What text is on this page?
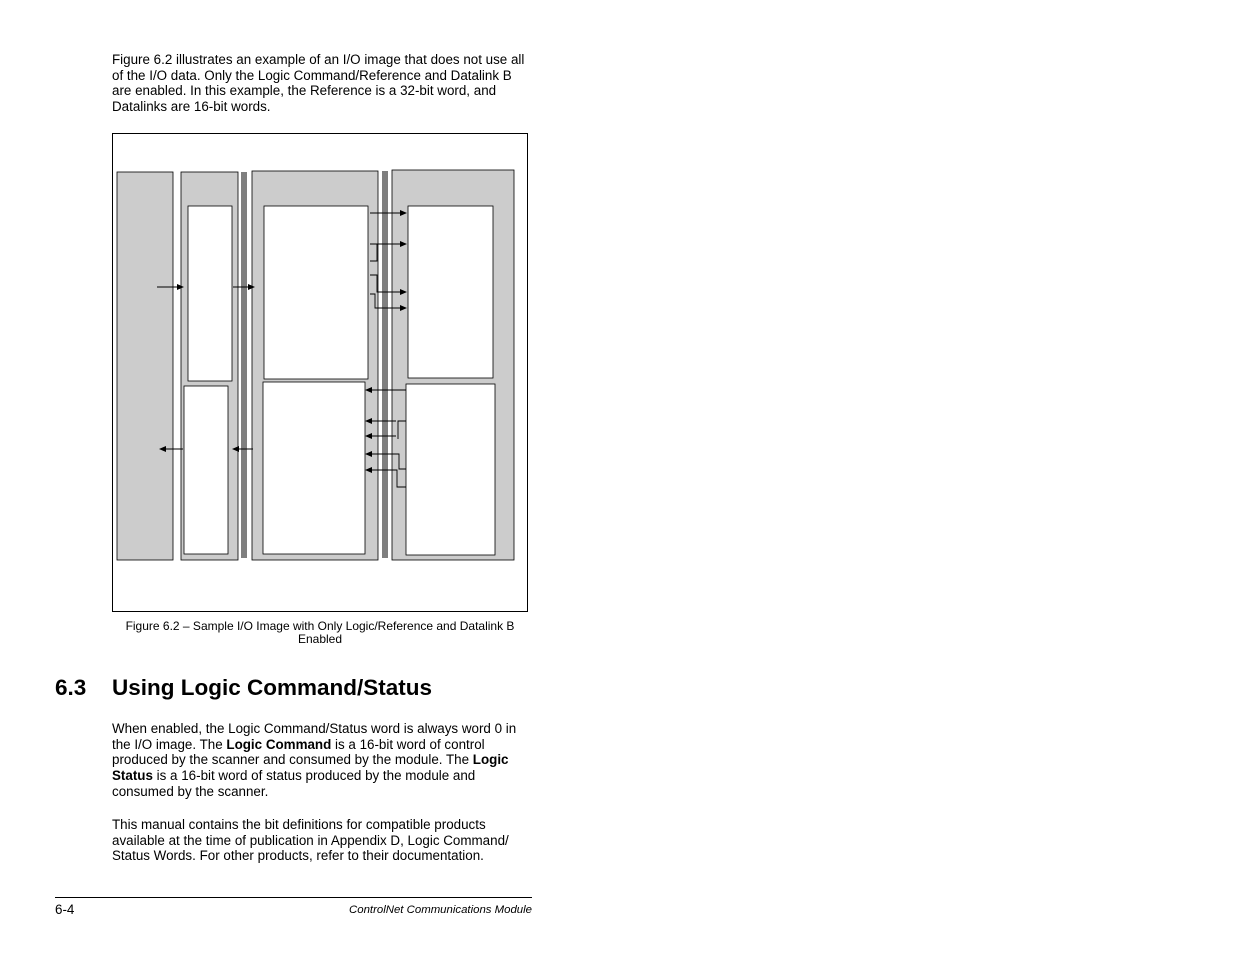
Figure 6.2 illustrates an example of an I/O image that does not use all of the I/O data. Only the Logic Command/Reference and Datalink B are enabled. In this example, the Reference is a 32-bit word, and Datalinks are 16-bit words.

Figure 6.2 – Sample I/O Image with Only Logic/Reference and Datalink B Enabled
6.3 Using Logic Command/Status

When enabled, the Logic Command/Status word is always word 0 in the I/O image. The Logic Command is a 16-bit word of control produced by the scanner and consumed by the module. The Logic Status is a 16-bit word of status produced by the module and consumed by the scanner.

This manual contains the bit definitions for compatible products available at the time of publication in Appendix D, Logic Command/ Status Words. For other products, refer to their documentation.

6-4	ControlNet Communications Module
